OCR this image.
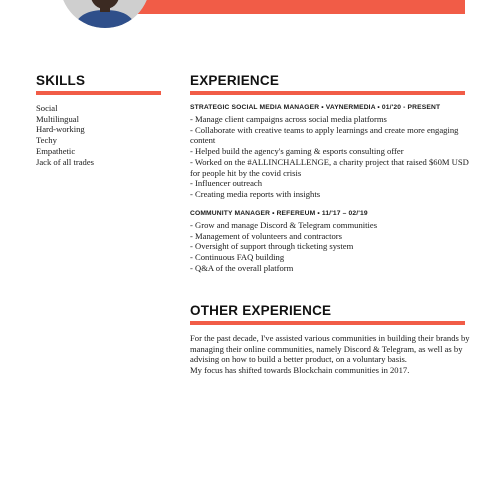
SKILLS
Social
Multilingual
Hard-working
Techy
Empathetic
Jack of all trades
EXPERIENCE

STRATEGIC SOCIAL MEDIA MANAGER • VAYNERMEDIA • 01/'20 - PRESENT

- Manage client campaigns across social media platforms
- Collaborate with creative teams to apply learnings and create more engaging content
- Helped build the agency's gaming & esports consulting offer
- Worked on the #ALLINCHALLENGE, a charity project that raised $60M USD for people hit by the covid crisis
- Influencer outreach
- Creating media reports with insights

COMMUNITY MANAGER • REFEREUM • 11/'17 – 02/'19

- Grow and manage Discord & Telegram communities
- Management of volunteers and contractors
- Oversight of support through ticketing system
- Continuous FAQ building
- Q&A of the overall platform
OTHER EXPERIENCE
For the past decade, I've assisted various communities in building their brands by managing their online communities, namely Discord & Telegram, as well as by advising on how to build a better product, on a voluntary basis.
My focus has shifted towards Blockchain communities in 2017.
